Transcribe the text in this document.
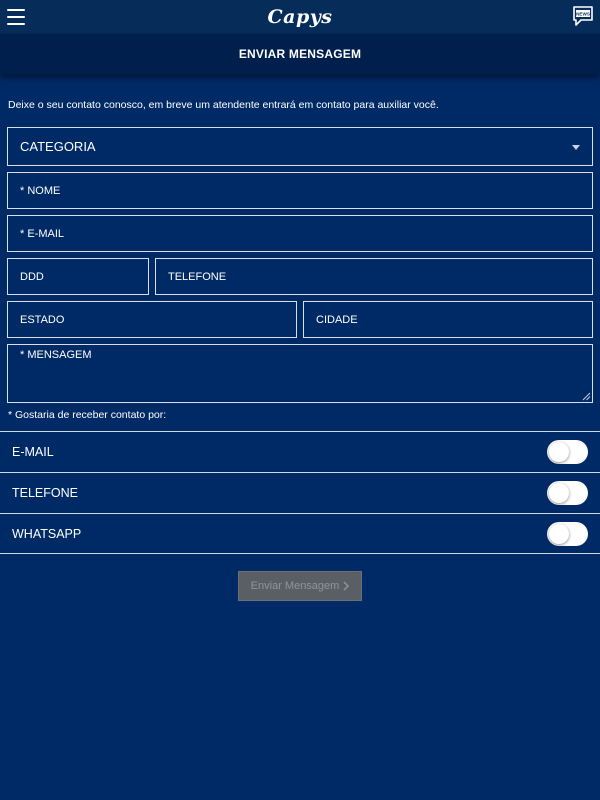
Capys	NEWS
ENVIAR MENSAGEM

Deixe o seu contato conosco, em breve um atendente entrará em contato para auxiliar você.

CATEGORIA
* NOME
* E-MAIL
DDD	TELEFONE
ESTADO	CIDADE
* MENSAGEM

* Gostaria de receber contato por:

E-MAIL
TELEFONE
WHATSAPP
Enviar Mensagem
